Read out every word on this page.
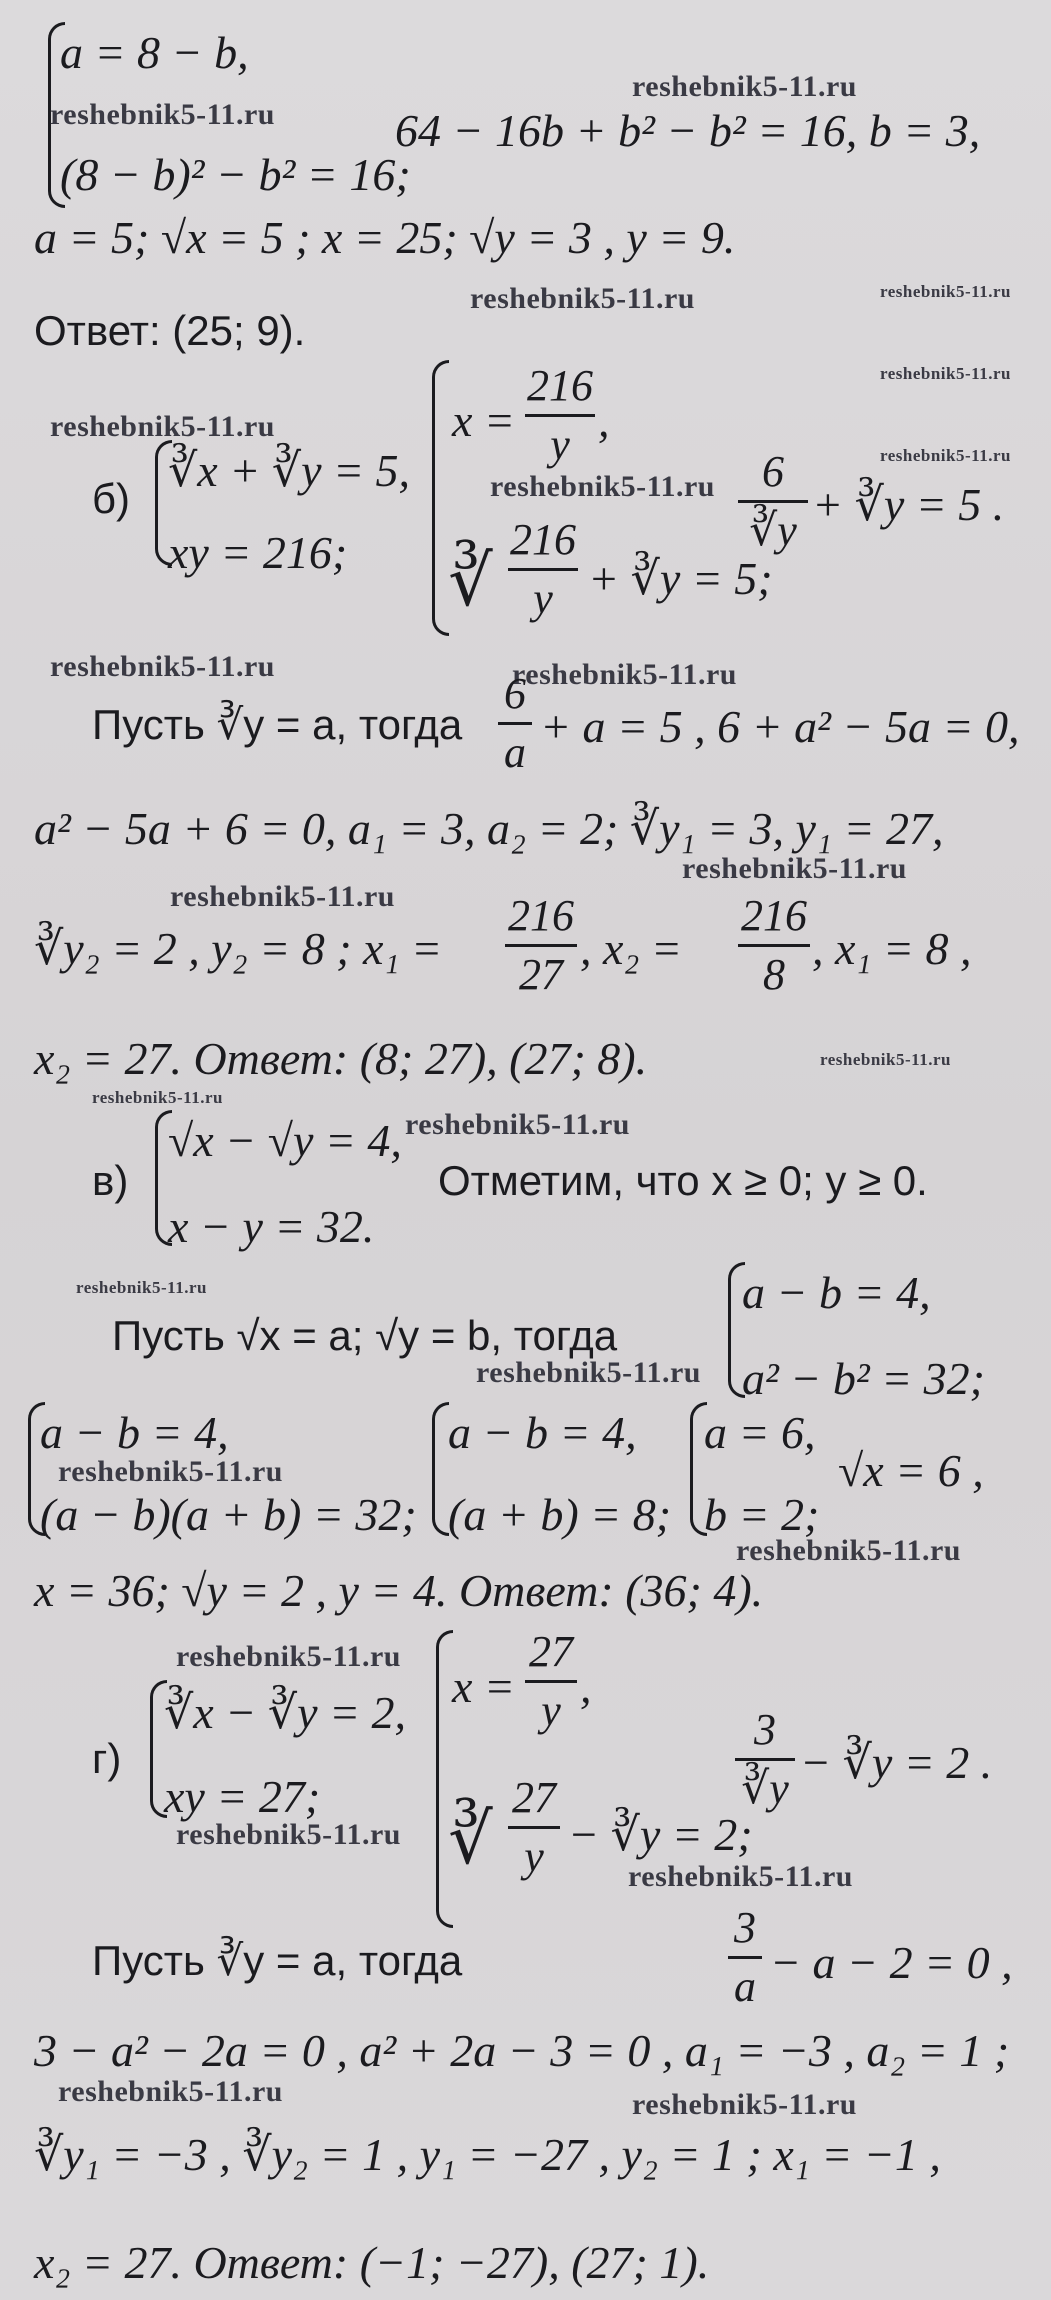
a = 8 − b,
(8 − b)² − b² = 16;
64 − 16b + b² − b² = 16, b = 3,
a = 5; √x = 5 ; x = 25; √y = 3 , y = 9.
Ответ: (25; 9).
reshebnik5-11.ru
reshebnik5-11.ru
reshebnik5-11.ru	reshebnik5-11.ru
reshebnik5-11.ru
reshebnik5-11.ru
reshebnik5-11.ru
б)
∛x + ∛y = 5,
xy = 216;
x =
216
y ,
reshebnik5-11.ru
∛
216
y + ∛y = 5;
6
∛y
+ ∛y = 5 .
reshebnik5-11.ru	reshebnik5-11.ru
Пусть ∛y = a, тогда
6
a
+ a = 5 , 6 + a² − 5a = 0,
a² − 5a + 6 = 0, a₁ = 3, a₂ = 2; ∛y₁ = 3, y₁ = 27,
reshebnik5-11.ru
reshebnik5-11.ru
∛y₂ = 2 , y₂ = 8 ; x₁ =
216
27
, x₂ =
216
8
, x₁ = 8 ,
x₂ = 27. Ответ: (8; 27), (27; 8).	reshebnik5-11.ru
reshebnik5-11.ru
в)
√x − √y = 4,
x − y = 32.
reshebnik5-11.ru
Отметим, что x ≥ 0; y ≥ 0.
reshebnik5-11.ru
Пусть √x = a; √y = b, тогда
a − b = 4,
a² − b² = 32;
reshebnik5-11.ru
a − b = 4,
reshebnik5-11.ru
(a − b)(a + b) = 32;
a − b = 4,
(a + b) = 8;
a = 6,
b = 2;
√x = 6 ,
reshebnik5-11.ru
x = 36; √y = 2 , y = 4. Ответ: (36; 4).
reshebnik5-11.ru
г)
∛x − ∛y = 2,
xy = 27;
reshebnik5-11.ru
x =
27
y ,
∛
27
y − ∛y = 2;
reshebnik5-11.ru
3
∛y
− ∛y = 2 .
Пусть ∛y = a, тогда
3
a − a − 2 = 0 ,
3 − a² − 2a = 0 , a² + 2a − 3 = 0 , a₁ = −3 , a₂ = 1 ;
reshebnik5-11.ru	reshebnik5-11.ru
∛y₁ = −3 , ∛y₂ = 1 , y₁ = −27 , y₂ = 1 ; x₁ = −1 ,
x₂ = 27. Ответ: (−1; −27), (27; 1).
